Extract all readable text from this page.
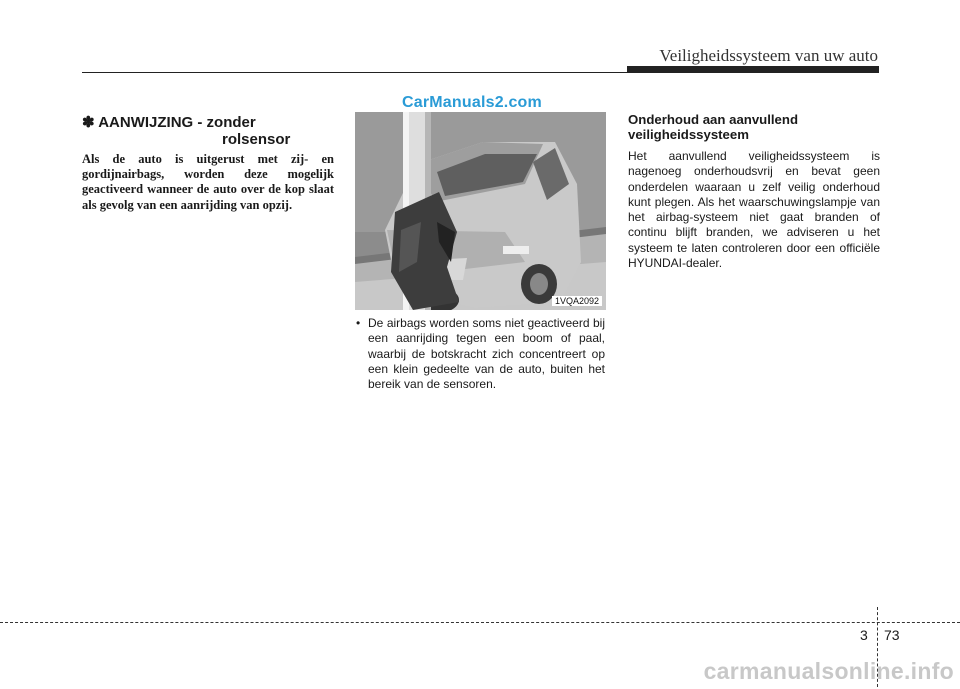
Veiligheidssysteem van uw auto
✽ AANWIJZING - zonder
rolsensor
Als de auto is uitgerust met zij- en gordijnairbags, worden deze mogelijk geactiveerd wanneer de auto over de kop slaat als gevolg van een aanrijding van opzij.
CarManuals2.com
1VQA2092
• De airbags worden soms niet geactiveerd bij een aanrijding tegen een boom of paal, waarbij de botskracht zich concentreert op een klein gedeelte van de auto, buiten het bereik van de sensoren.
Onderhoud aan aanvullend veiligheidssysteem
Het aanvullend veiligheidssysteem is nagenoeg onderhoudsvrij en bevat geen onderdelen waaraan u zelf veilig onderhoud kunt plegen. Als het waarschuwingslampje van het airbag-systeem niet gaat branden of continu blijft branden, we adviseren u het systeem te laten controleren door een officiële HYUNDAI-dealer.
3 73
carmanualsonline.info
